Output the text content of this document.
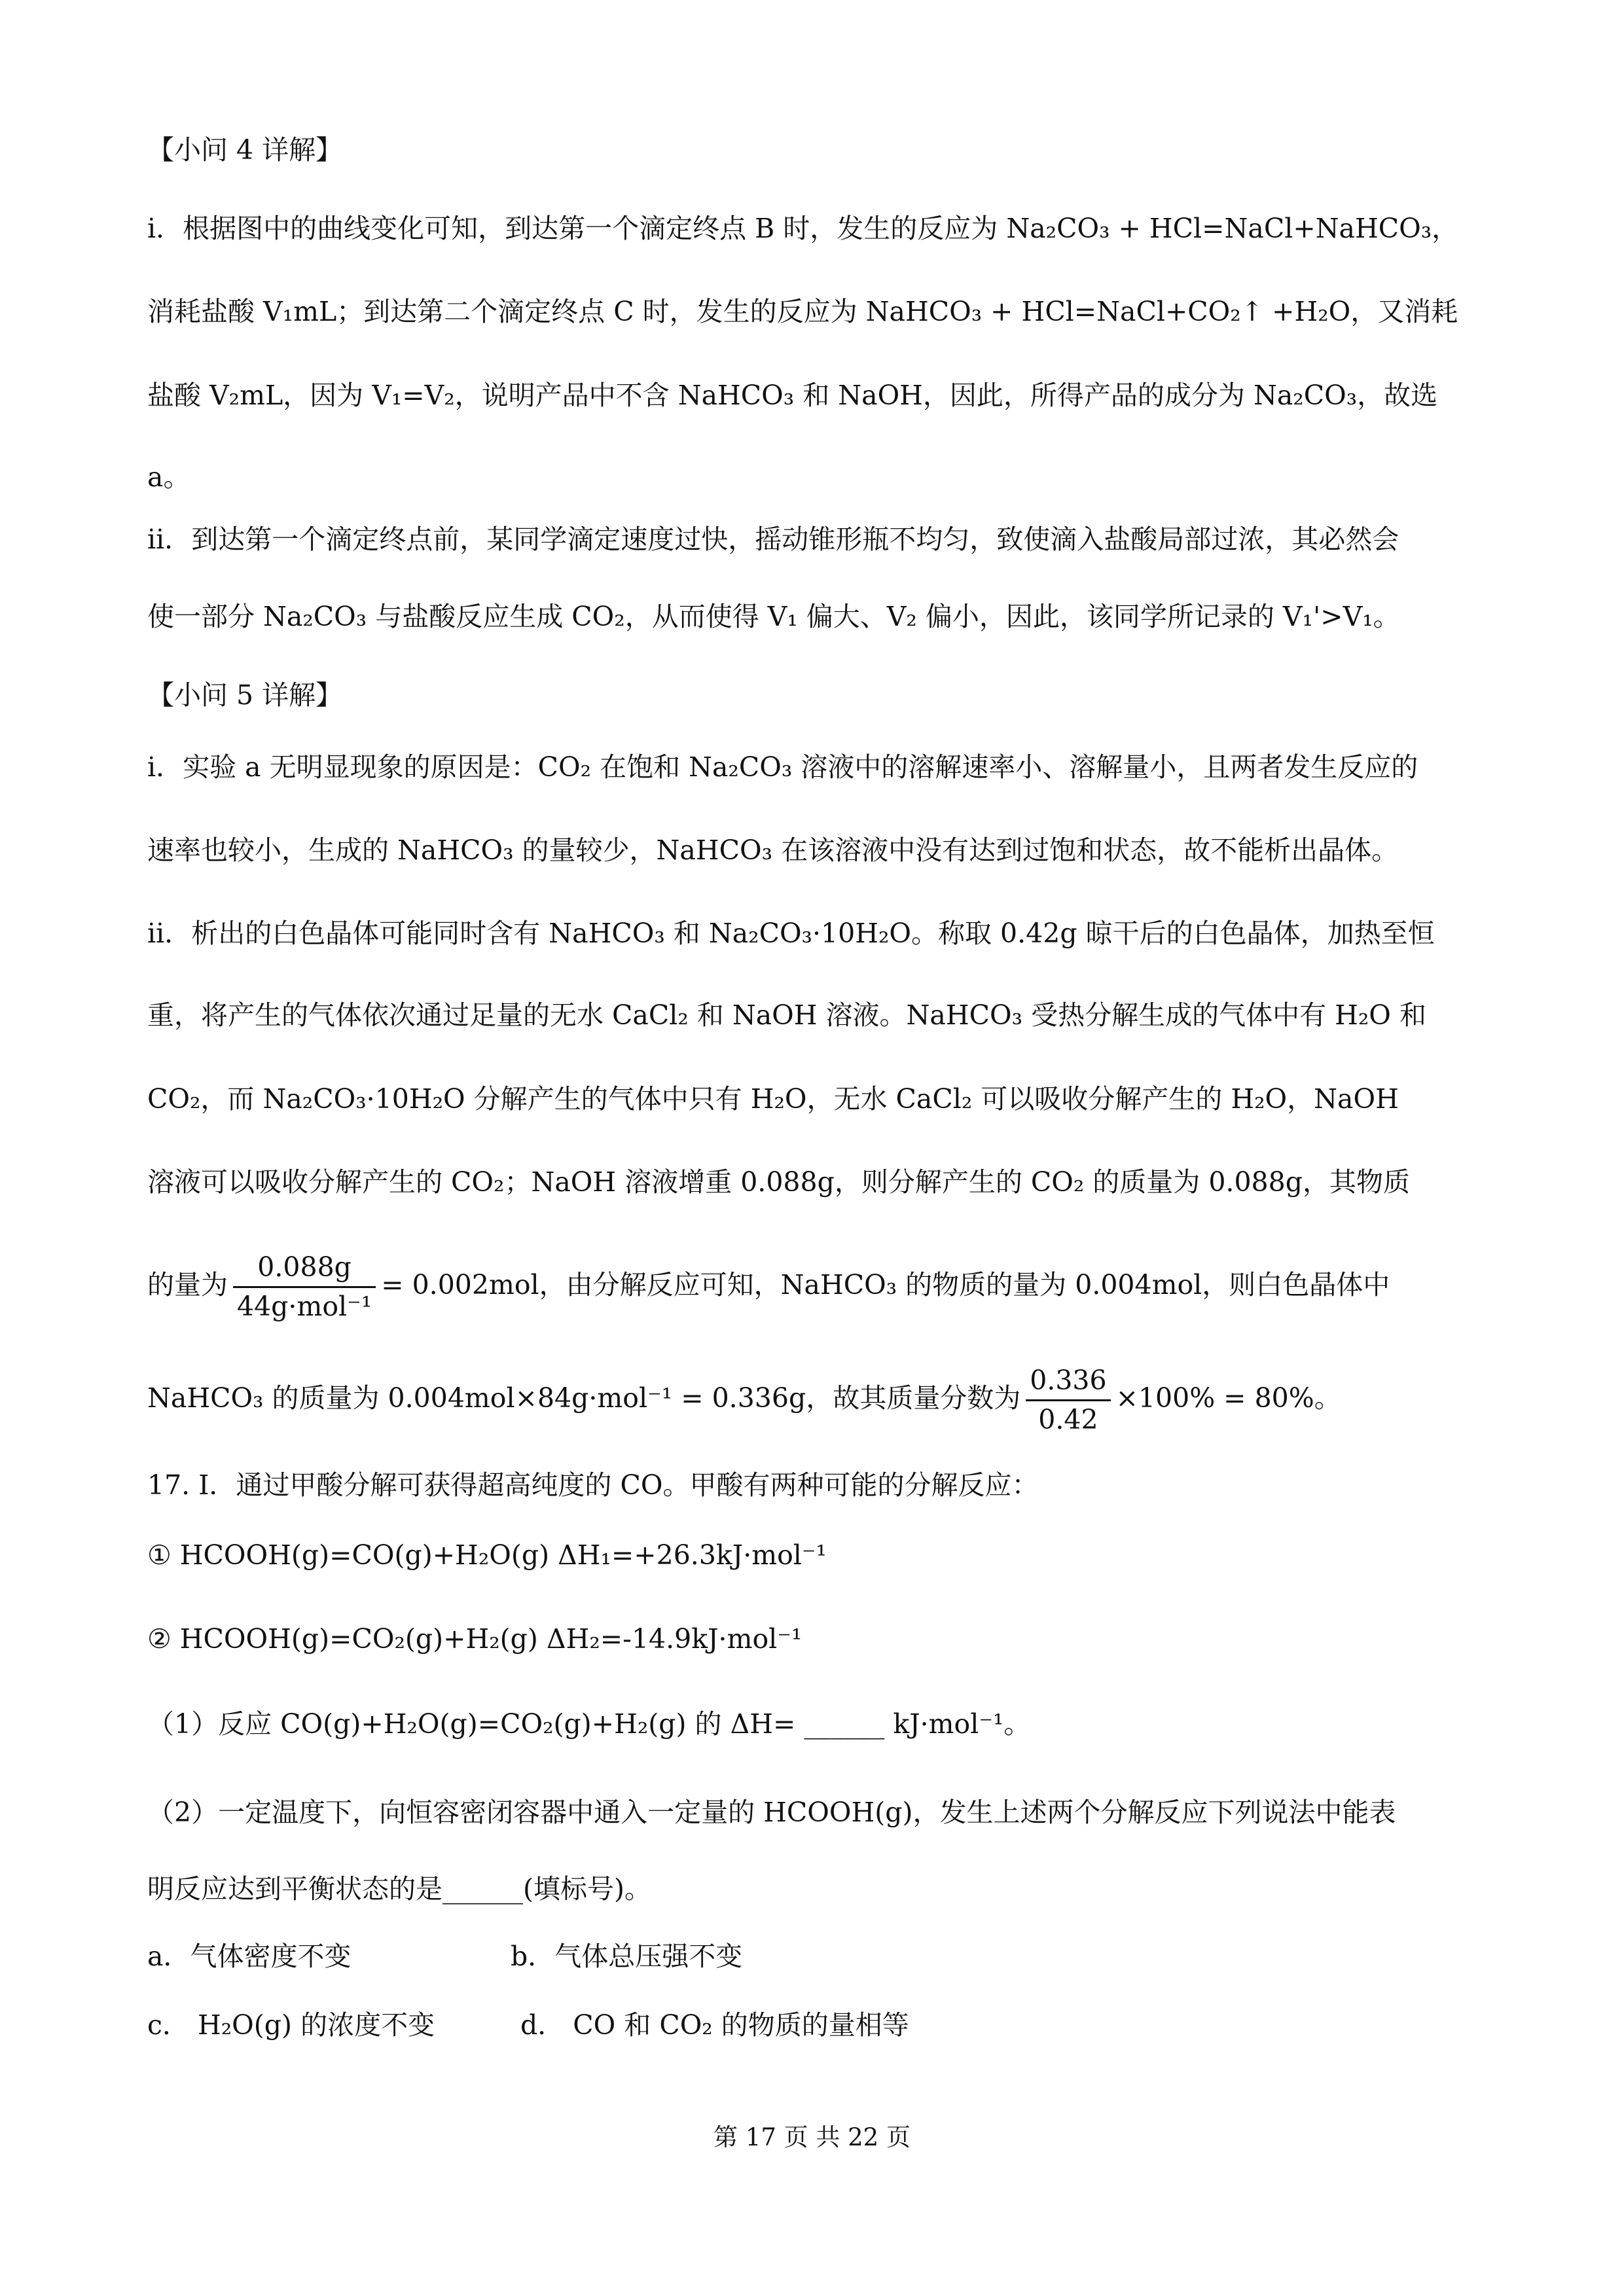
【小问 4 详解】
i．根据图中的曲线变化可知，到达第一个滴定终点 B 时，发生的反应为 Na₂CO₃ + HCl=NaCl+NaHCO₃，
消耗盐酸 V₁mL；到达第二个滴定终点 C 时，发生的反应为 NaHCO₃ + HCl=NaCl+CO₂↑ +H₂O，又消耗
盐酸 V₂mL，因为 V₁=V₂，说明产品中不含 NaHCO₃ 和 NaOH，因此，所得产品的成分为 Na₂CO₃，故选
a。
ii．到达第一个滴定终点前，某同学滴定速度过快，摇动锥形瓶不均匀，致使滴入盐酸局部过浓，其必然会
使一部分 Na₂CO₃ 与盐酸反应生成 CO₂，从而使得 V₁ 偏大、V₂ 偏小，因此，该同学所记录的 V₁'>V₁。
【小问 5 详解】
i．实验 a 无明显现象的原因是：CO₂ 在饱和 Na₂CO₃ 溶液中的溶解速率小、溶解量小，且两者发生反应的
速率也较小，生成的 NaHCO₃ 的量较少，NaHCO₃ 在该溶液中没有达到过饱和状态，故不能析出晶体。
ii．析出的白色晶体可能同时含有 NaHCO₃ 和 Na₂CO₃·10H₂O。称取 0.42g 晾干后的白色晶体，加热至恒
重，将产生的气体依次通过足量的无水 CaCl₂ 和 NaOH 溶液。NaHCO₃ 受热分解生成的气体中有 H₂O 和
CO₂，而 Na₂CO₃·10H₂O 分解产生的气体中只有 H₂O，无水 CaCl₂ 可以吸收分解产生的 H₂O，NaOH
溶液可以吸收分解产生的 CO₂；NaOH 溶液增重 0.088g，则分解产生的 CO₂ 的质量为 0.088g，其物质
的量为 $\frac{0.088g}{\text{44g·mol⁻¹}} = 0.002mol$，由分解反应可知，NaHCO₃ 的物质的量为 0.004mol，则白色晶体中
NaHCO₃ 的质量为 0.004mol×84g·mol⁻¹ = 0.336g，故其质量分数为 $\frac{0.336}{0.42} \times 100\% = 80\%$。
17. I．通过甲酸分解可获得超高纯度的 CO。甲酸有两种可能的分解反应：
① HCOOH(g)=CO(g)+H₂O(g) ΔH₁=+26.3kJ·mol⁻¹
② HCOOH(g)=CO₂(g)+H₂(g) ΔH₂=-14.9kJ·mol⁻¹
（1）反应 CO(g)+H₂O(g)=CO₂(g)+H₂(g) 的 ΔH= ______ kJ·mol⁻¹。
（2）一定温度下，向恒容密闭容器中通入一定量的 HCOOH(g)，发生上述两个分解反应下列说法中能表
明反应达到平衡状态的是______(填标号)。
a．气体密度不变	b．气体总压强不变
c． H₂O(g) 的浓度不变	d． CO 和 CO₂ 的物质的量相等
第 17 页 共 22 页
